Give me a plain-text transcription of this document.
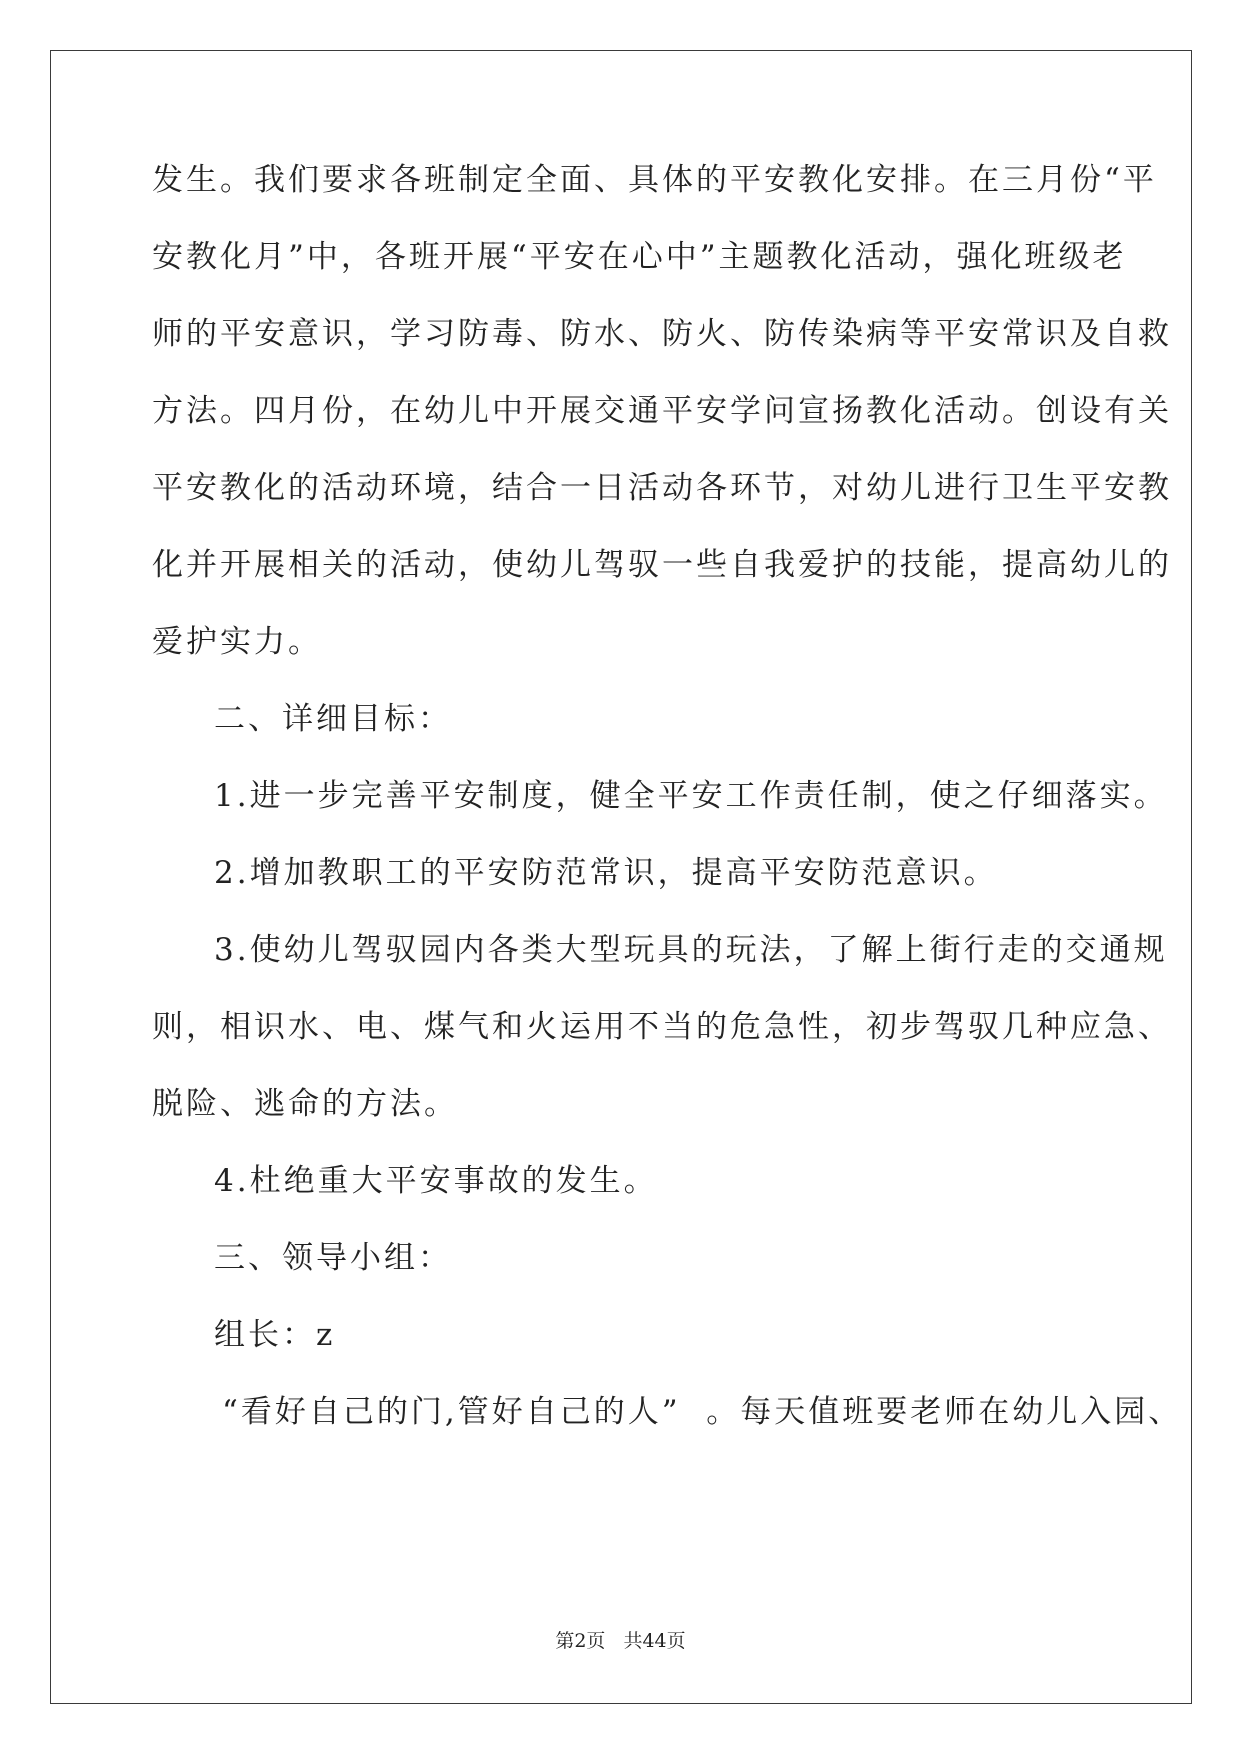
发生。我们要求各班制定全面、具体的平安教化安排。在三月份“平
安教化月”中，各班开展“平安在心中”主题教化活动，强化班级老
师的平安意识，学习防毒、防水、防火、防传染病等平安常识及自救
方法。四月份，在幼儿中开展交通平安学问宣扬教化活动。创设有关
平安教化的活动环境，结合一日活动各环节，对幼儿进行卫生平安教
化并开展相关的活动，使幼儿驾驭一些自我爱护的技能，提高幼儿的
爱护实力。
二、详细目标：
1.进一步完善平安制度，健全平安工作责任制，使之仔细落实。
2.增加教职工的平安防范常识，提高平安防范意识。
3.使幼儿驾驭园内各类大型玩具的玩法，了解上街行走的交通规
则，相识水、电、煤气和火运用不当的危急性，初步驾驭几种应急、
脱险、逃命的方法。
4.杜绝重大平安事故的发生。
三、领导小组：
组长：z
“看好自己的门,管好自己的人”  。每天值班要老师在幼儿入园、
第2页 共44页
